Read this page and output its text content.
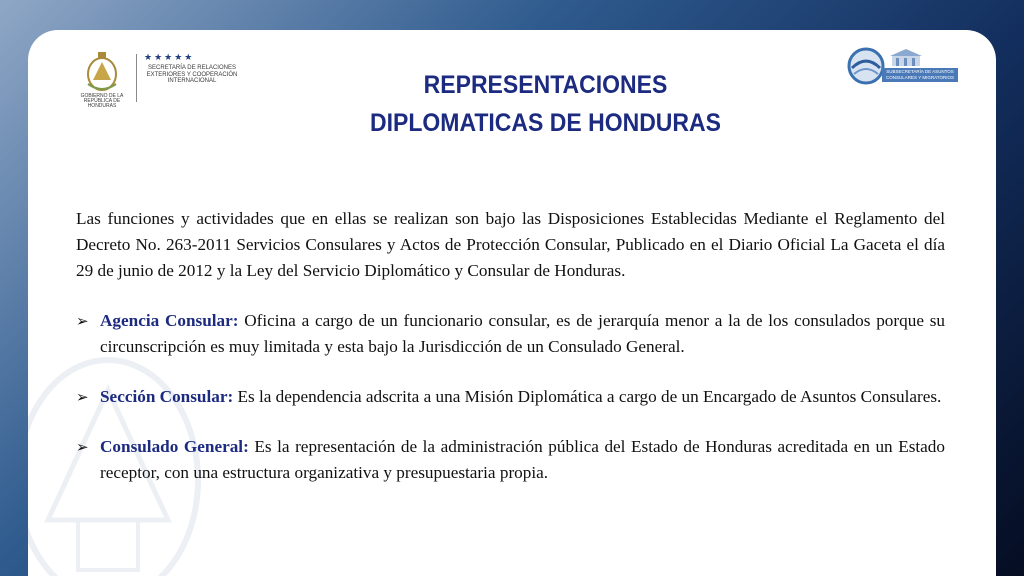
GOBIERNO DE LA REPÚBLICA DE HONDURAS
★★★★★
SECRETARÍA DE RELACIONES EXTERIORES Y COOPERACIÓN INTERNACIONAL
SUBSECRETARÍA DE ASUNTOS CONSULARES Y MIGRATORIOS
REPRESENTACIONES
DIPLOMATICAS DE HONDURAS

Las funciones y actividades que en ellas se realizan son bajo las Disposiciones Establecidas Mediante el Reglamento del Decreto No. 263-2011 Servicios Consulares y Actos de Protección Consular, Publicado en el Diario Oficial La Gaceta el día 29 de junio de 2012 y la Ley del Servicio Diplomático y Consular de Honduras.

➢ Agencia Consular: Oficina a cargo de un funcionario consular, es de jerarquía menor a la de los consulados porque su circunscripción es muy limitada y esta bajo la Jurisdicción de un Consulado General.
➢ Sección Consular: Es la dependencia adscrita a una Misión Diplomática a cargo de un Encargado de Asuntos Consulares.
➢ Consulado General: Es la representación de la administración pública del Estado de Honduras acreditada en un Estado receptor, con una estructura organizativa y presupuestaria propia.
